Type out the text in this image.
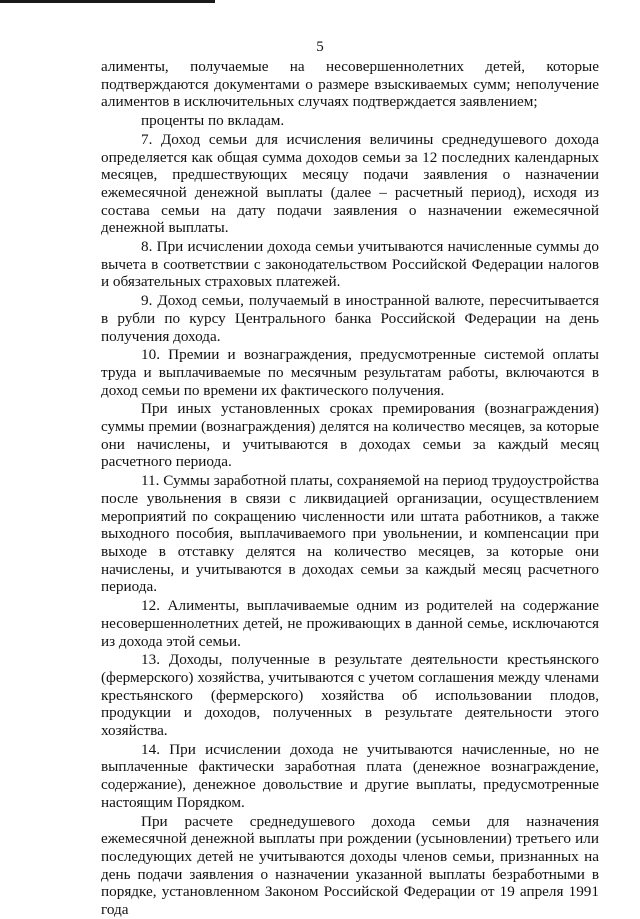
5

алименты, получаемые на несовершеннолетних детей, которые подтверждаются документами о размере взыскиваемых сумм; неполучение алиментов в исключительных случаях подтверждается заявлением;

проценты по вкладам.

7. Доход семьи для исчисления величины среднедушевого дохода определяется как общая сумма доходов семьи за 12 последних календарных месяцев, предшествующих месяцу подачи заявления о назначении ежемесячной денежной выплаты (далее – расчетный период), исходя из состава семьи на дату подачи заявления о назначении ежемесячной денежной выплаты.

8. При исчислении дохода семьи учитываются начисленные суммы до вычета в соответствии с законодательством Российской Федерации налогов и обязательных страховых платежей.

9. Доход семьи, получаемый в иностранной валюте, пересчитывается в рубли по курсу Центрального банка Российской Федерации на день получения дохода.

10. Премии и вознаграждения, предусмотренные системой оплаты труда и выплачиваемые по месячным результатам работы, включаются в доход семьи по времени их фактического получения.

При иных установленных сроках премирования (вознаграждения) суммы премии (вознаграждения) делятся на количество месяцев, за которые они начислены, и учитываются в доходах семьи за каждый месяц расчетного периода.

11. Суммы заработной платы, сохраняемой на период трудоустройства после увольнения в связи с ликвидацией организации, осуществлением мероприятий по сокращению численности или штата работников, а также выходного пособия, выплачиваемого при увольнении, и компенсации при выходе в отставку делятся на количество месяцев, за которые они начислены, и учитываются в доходах семьи за каждый месяц расчетного периода.

12. Алименты, выплачиваемые одним из родителей на содержание несовершеннолетних детей, не проживающих в данной семье, исключаются из дохода этой семьи.

13. Доходы, полученные в результате деятельности крестьянского (фермерского) хозяйства, учитываются с учетом соглашения между членами крестьянского (фермерского) хозяйства об использовании плодов, продукции и доходов, полученных в результате деятельности этого хозяйства.

14. При исчислении дохода не учитываются начисленные, но не выплаченные фактически заработная плата (денежное вознаграждение, содержание), денежное довольствие и другие выплаты, предусмотренные настоящим Порядком.

При расчете среднедушевого дохода семьи для назначения ежемесячной денежной выплаты при рождении (усыновлении) третьего или последующих детей не учитываются доходы членов семьи, признанных на день подачи заявления о назначении указанной выплаты безработными в порядке, установленном Законом Российской Федерации от 19 апреля 1991 года
